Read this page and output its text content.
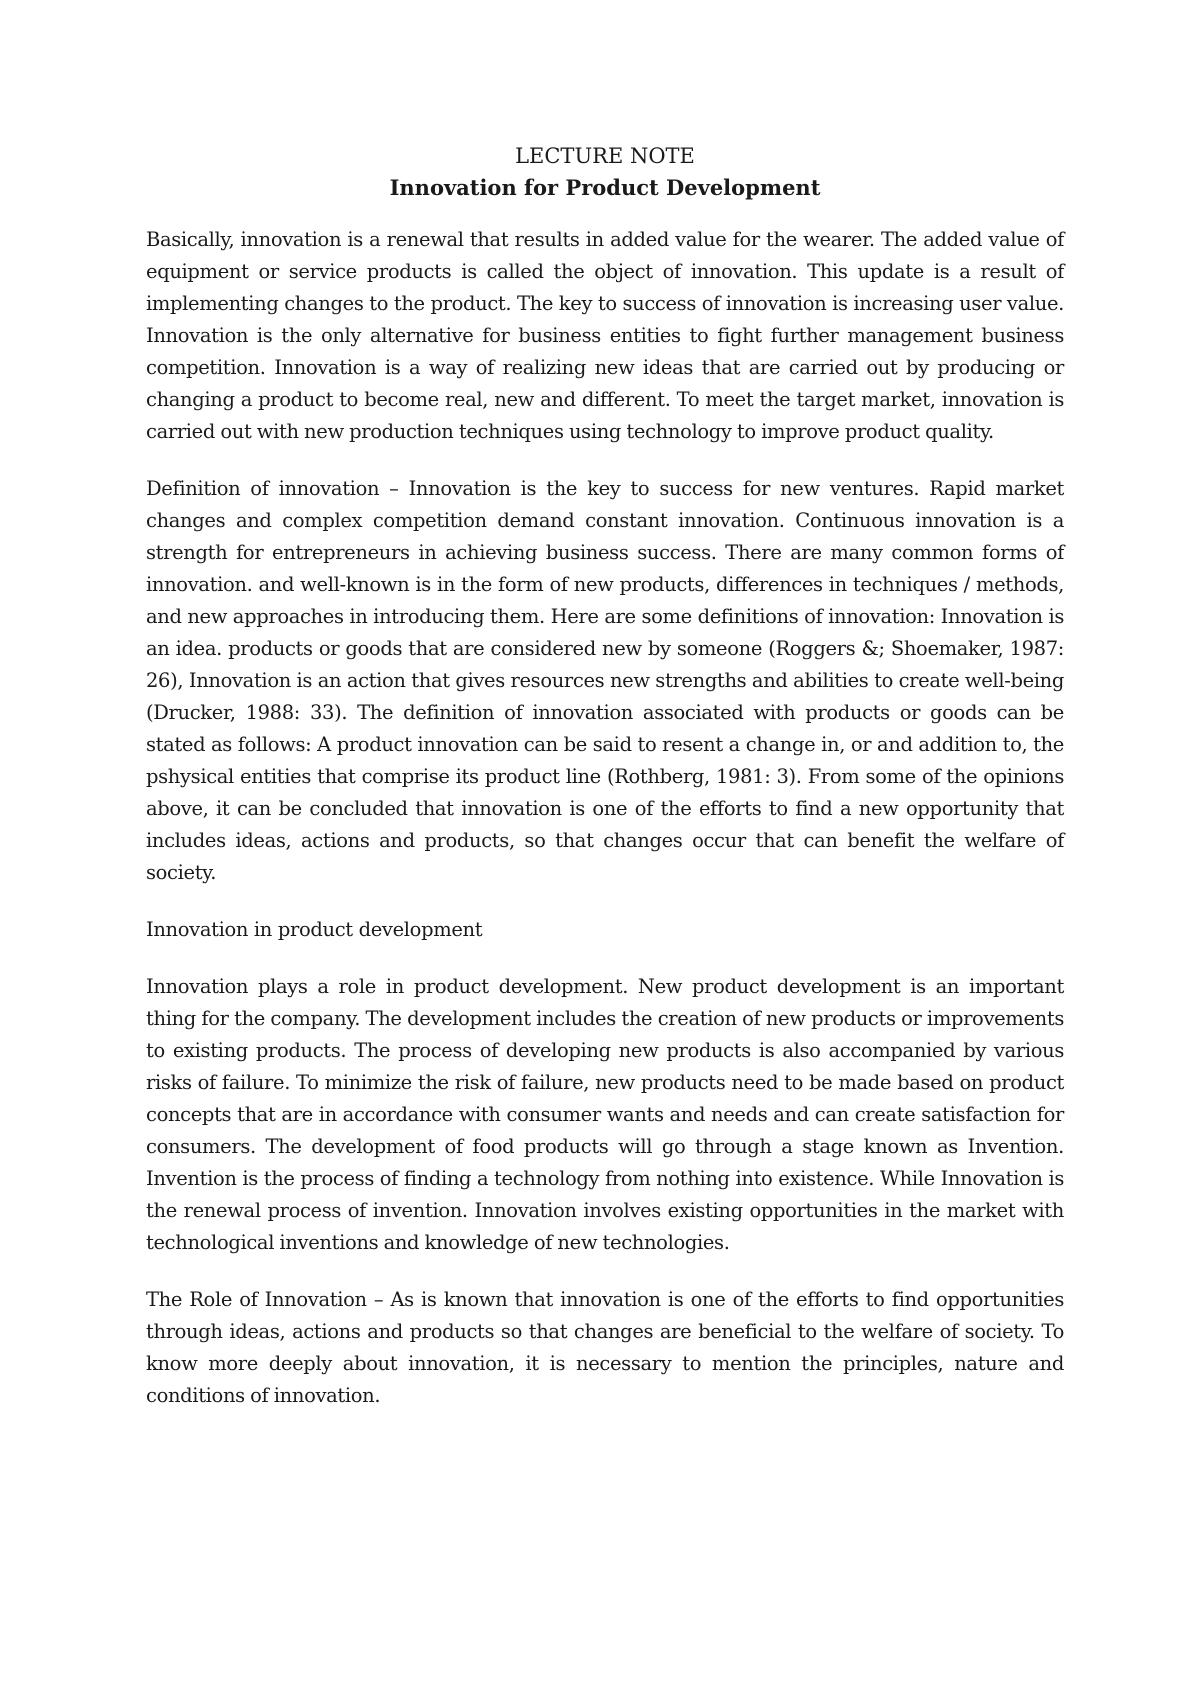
LECTURE NOTE
Innovation for Product Development

Basically, innovation is a renewal that results in added value for the wearer. The added value of equipment or service products is called the object of innovation. This update is a result of implementing changes to the product. The key to success of innovation is increasing user value. Innovation is the only alternative for business entities to fight further management business competition. Innovation is a way of realizing new ideas that are carried out by producing or changing a product to become real, new and different. To meet the target market, innovation is carried out with new production techniques using technology to improve product quality.

Definition of innovation – Innovation is the key to success for new ventures. Rapid market changes and complex competition demand constant innovation. Continuous innovation is a strength for entrepreneurs in achieving business success. There are many common forms of innovation. and well-known is in the form of new products, differences in techniques / methods, and new approaches in introducing them. Here are some definitions of innovation: Innovation is an idea. products or goods that are considered new by someone (Roggers &; Shoemaker, 1987: 26), Innovation is an action that gives resources new strengths and abilities to create well-being (Drucker, 1988: 33). The definition of innovation associated with products or goods can be stated as follows: A product innovation can be said to resent a change in, or and addition to, the pshysical entities that comprise its product line (Rothberg, 1981: 3). From some of the opinions above, it can be concluded that innovation is one of the efforts to find a new opportunity that includes ideas, actions and products, so that changes occur that can benefit the welfare of society.

Innovation in product development

Innovation plays a role in product development. New product development is an important thing for the company. The development includes the creation of new products or improvements to existing products. The process of developing new products is also accompanied by various risks of failure. To minimize the risk of failure, new products need to be made based on product concepts that are in accordance with consumer wants and needs and can create satisfaction for consumers. The development of food products will go through a stage known as Invention. Invention is the process of finding a technology from nothing into existence. While Innovation is the renewal process of invention. Innovation involves existing opportunities in the market with technological inventions and knowledge of new technologies.

The Role of Innovation – As is known that innovation is one of the efforts to find opportunities through ideas, actions and products so that changes are beneficial to the welfare of society. To know more deeply about innovation, it is necessary to mention the principles, nature and conditions of innovation.
